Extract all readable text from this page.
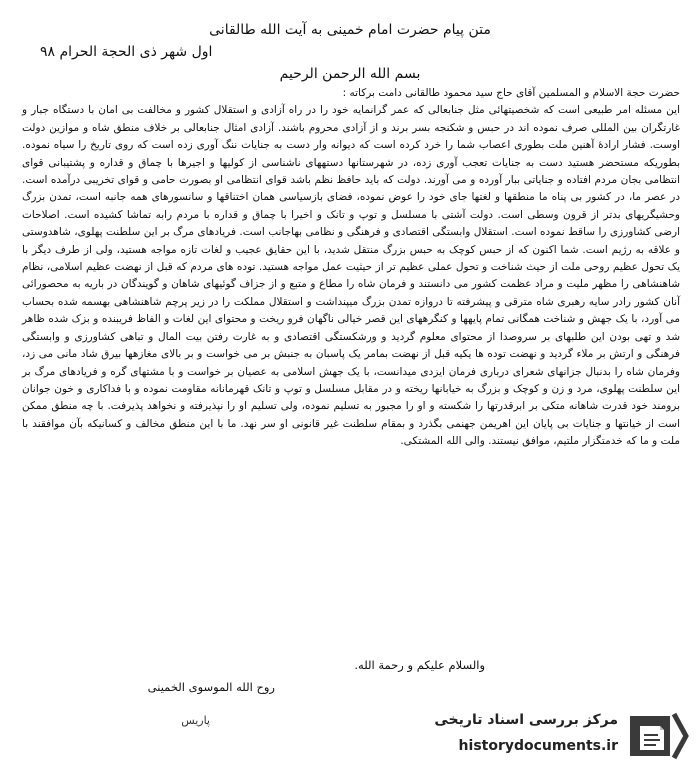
متن پیام حضرت امام خمینی به آیت الله طالقانی
اول شهر ذی الحجة الحرام ۹۸
بسم الله الرحمن الرحیم

حضرت حجة الاسلام و المسلمین آقای حاج سید محمود طالقانی دامت برکاته :

این مسئله امر طبیعی است که شخصیتهائی مثل جنابعالی که عمر گرانمایه خود را در راه آزادی و استقلال کشور و مخالفت بی امان با دستگاه جبار و غارتگران بین المللی صرف نموده اند در حبس و شکنجه بسر برند و از آزادی محروم باشند. آزادی امثال جنابعالی بر خلاف منطق شاه و موازین دولت اوست. فشار ارادۀ آهنین ملت بطوری اعصاب شما را خرد کرده است که دیوانه وار دست به جنایات ننگ آوری زده است که روی تاریخ را سیاه نموده. بطوریکه مستحضر هستید دست به جنایات تعجب آوری زده، در شهرستانها دستههای ناشناسی از کولیها و اجیرها با چماق و قداره و پشتیبانی قوای انتظامی بجان مردم افتاده و جنایاتی ببار آورده و می آورند. دولت که باید حافظ نظم باشد قوای انتظامی او بصورت حامی و قوای تخریبی درآمده است. در عصر ما، در کشور بی پناه ما منطقها و لغتها جای خود را عوض نموده، فضای بازسیاسی همان اختناقها و سانسورهای همه جانبه است، تمدن بزرگ وحشیگریهای بدتر از قرون وسطی است. دولت آشتی با مسلسل و توپ و تانک و اخیرا با چماق و قداره با مردم رابه تماشا کشیده است. اصلاحات ارضی کشاورزی را ساقط نموده است. استقلال وابستگی اقتصادی و فرهنگی و نظامی بهاجانب است. فریادهای مرگ بر این سلطنت پهلوی، شاهدوستی و علاقه به رژیم است. شما اکنون که از حبس کوچک به حبس بزرگ منتقل شدید، با این حقایق عجیب و لغات تازه مواجه هستید، ولی از طرف دیگر با یک تحول عظیم روحی ملت از حیث شناخت و تحول عملی عظیم تر از حیثیت عمل مواجه هستید. توده های مردم که قبل از نهضت عظیم اسلامی، نظام شاهنشاهی را مظهر ملیت و مراد عظمت کشور می دانستند و فرمان شاه را مطاع و متبع و از جزاف گوئیهای شاهان و گویندگان در باریه به محصورائی آنان کشور رادر سایه رهبری شاه مترقی و پیشرفته تا دروازه تمدن بزرگ میپنداشت و استقلال مملکت را در زیر پرچم شاهنشاهی بهسمه شده بحساب می آورد، با یک جهش و شناخت همگانی تمام پایهها و کنگرههای این قصر خیالی ناگهان فرو ریخت و محتوای این لغات و الفاظ فریبنده و بزک شده ظاهر شد و تهی بودن این طلبهای بر سروصدا از محتوای معلوم گردید و ورشکستگی اقتصادی و به غارت رفتن بیت المال و تباهی کشاورزی و وابستگی فرهنگی و ارتش بر ملاء گردید و نهضت توده ها یکیه قبل از نهضت بمامر یک پاسبان به جنبش بر می خواست و بر بالای مغازهها بیرق شاد مانی می زد، وفرمان شاه را بدنبال جزانهای شعرای درباری فرمان ایزدی میدانست، با یک جهش اسلامی به عصیان بر خواست و با مشتهای گره و فریادهای مرگ بر این سلطنت پهلوی، مرد و زن و کوچک و بزرگ به خیابانها ریخته و در مقابل مسلسل و توپ و تانک قهرمانانه مقاومت نموده و با فداکاری و خون جوانان برومند خود قدرت شاهانه متکی بر ابرقدرتها را شکسته و او را مجبور به تسلیم نموده، ولی تسلیم او را نپذیرفته و نخواهد پذیرفت. با چه منطق ممکن است از خیانتها و جنایات بی پایان این اهریمن جهنمی بگذرد و بمقام سلطنت غیر قانونی او سر نهد. ما با این منطق مخالف و کسانیکه بآن موافقند با ملت و ما که خدمتگزار ملتیم، موافق نیستند. والی الله المشتکی.

والسلام علیکم و رحمة الله.
روح الله الموسوی الخمینی
پاریس	مرکز بررسی اسناد تاریخی
historydocuments.ir
